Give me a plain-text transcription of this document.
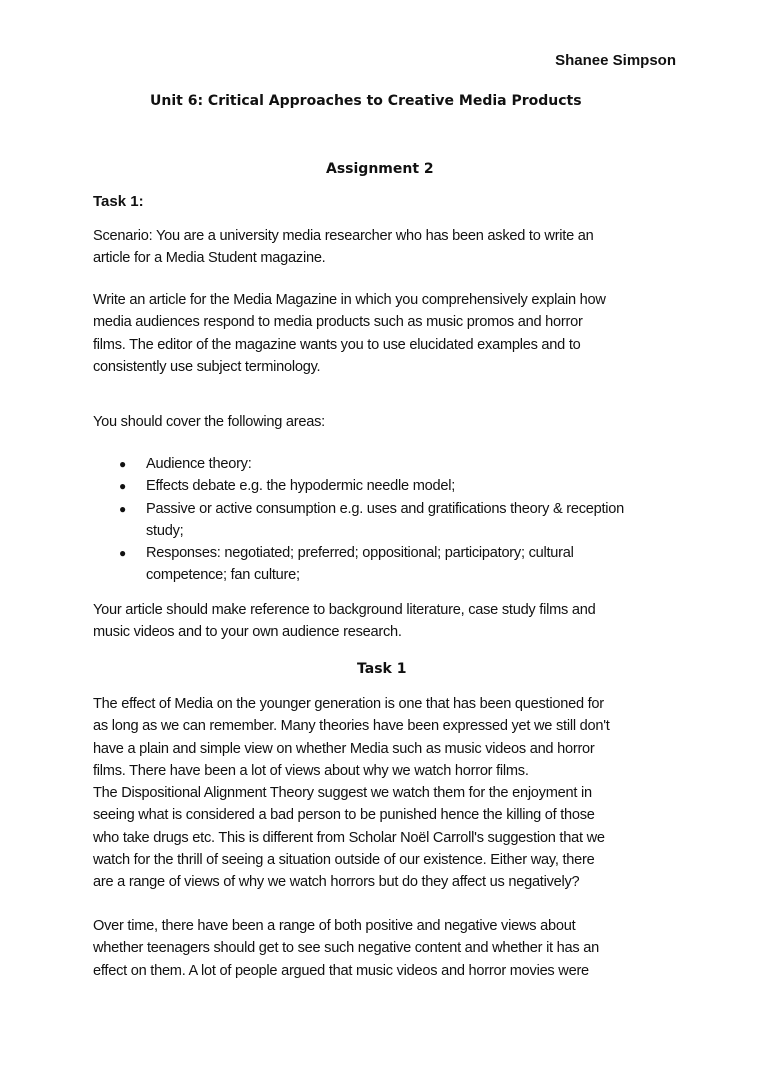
Shanee Simpson
Unit 6: Critical Approaches to Creative Media Products
Assignment 2
Task 1:
Scenario: You are a university media researcher who has been asked to write an
article for a Media Student magazine.
Write an article for the Media Magazine in which you comprehensively explain how
media audiences respond to media products such as music promos and horror
films. The editor of the magazine wants you to use elucidated examples and to
consistently use subject terminology.
You should cover the following areas:
● Audience theory:
● Effects debate e.g. the hypodermic needle model;
● Passive or active consumption e.g. uses and gratifications theory & reception
study;
● Responses: negotiated; preferred; oppositional; participatory; cultural
competence; fan culture;
Your article should make reference to background literature, case study films and
music videos and to your own audience research.
Task 1
The effect of Media on the younger generation is one that has been questioned for
as long as we can remember. Many theories have been expressed yet we still don't
have a plain and simple view on whether Media such as music videos and horror
films. There have been a lot of views about why we watch horror films.
The Dispositional Alignment Theory suggest we watch them for the enjoyment in
seeing what is considered a bad person to be punished hence the killing of those
who take drugs etc. This is different from Scholar Noël Carroll's suggestion that we
watch for the thrill of seeing a situation outside of our existence. Either way, there
are a range of views of why we watch horrors but do they affect us negatively?
Over time, there have been a range of both positive and negative views about
whether teenagers should get to see such negative content and whether it has an
effect on them. A lot of people argued that music videos and horror movies were
